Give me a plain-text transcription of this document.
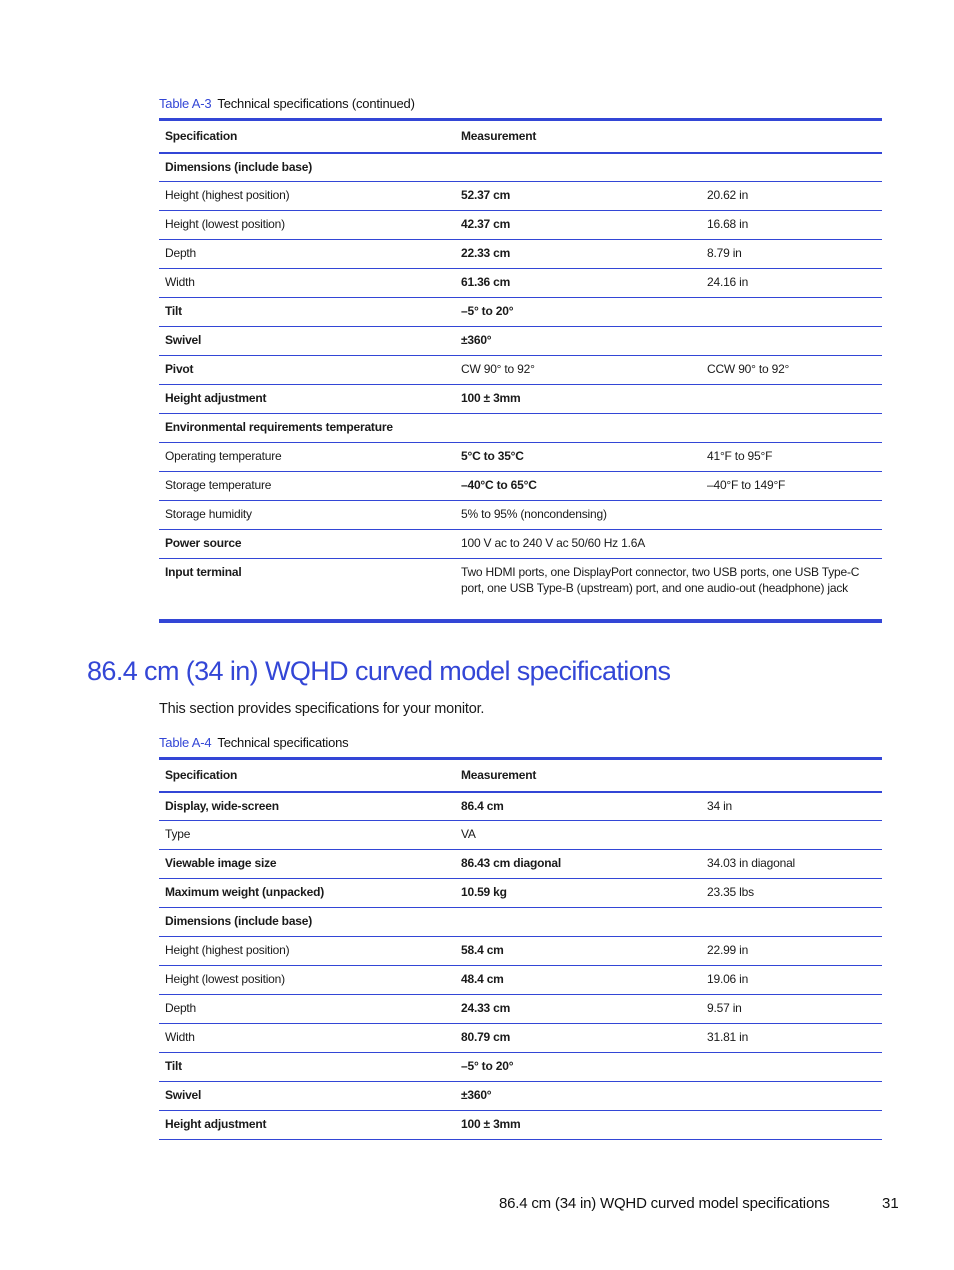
Table A-3 Technical specifications (continued)
Specification	Measurement	
Dimensions (include base)		
Height (highest position)	52.37 cm	20.62 in
Height (lowest position)	42.37 cm	16.68 in
Depth	22.33 cm	8.79 in
Width	61.36 cm	24.16 in
Tilt	–5° to 20°	
Swivel	±360°	
Pivot	CW 90° to 92°	CCW 90° to 92°
Height adjustment	100 ± 3mm	
Environmental requirements temperature		
Operating temperature	5°C to 35°C	41°F to 95°F
Storage temperature	–40°C to 65°C	–40°F to 149°F
Storage humidity	5% to 95% (noncondensing)	
Power source	100 V ac to 240 V ac 50/60 Hz 1.6A	
Input terminal	Two HDMI ports, one DisplayPort connector, two USB ports, one USB Type-C port, one USB Type-B (upstream) port, and one audio-out (headphone) jack	
86.4 cm (34 in) WQHD curved model specifications

This section provides specifications for your monitor.

Table A-4 Technical specifications
Specification	Measurement	
Display, wide-screen	86.4 cm	34 in
Type	VA	
Viewable image size	86.43 cm diagonal	34.03 in diagonal
Maximum weight (unpacked)	10.59 kg	23.35 lbs
Dimensions (include base)		
Height (highest position)	58.4 cm	22.99 in
Height (lowest position)	48.4 cm	19.06 in
Depth	24.33 cm	9.57 in
Width	80.79 cm	31.81 in
Tilt	–5° to 20°	
Swivel	±360°	
Height adjustment	100 ± 3mm	
86.4 cm (34 in) WQHD curved model specifications	31
